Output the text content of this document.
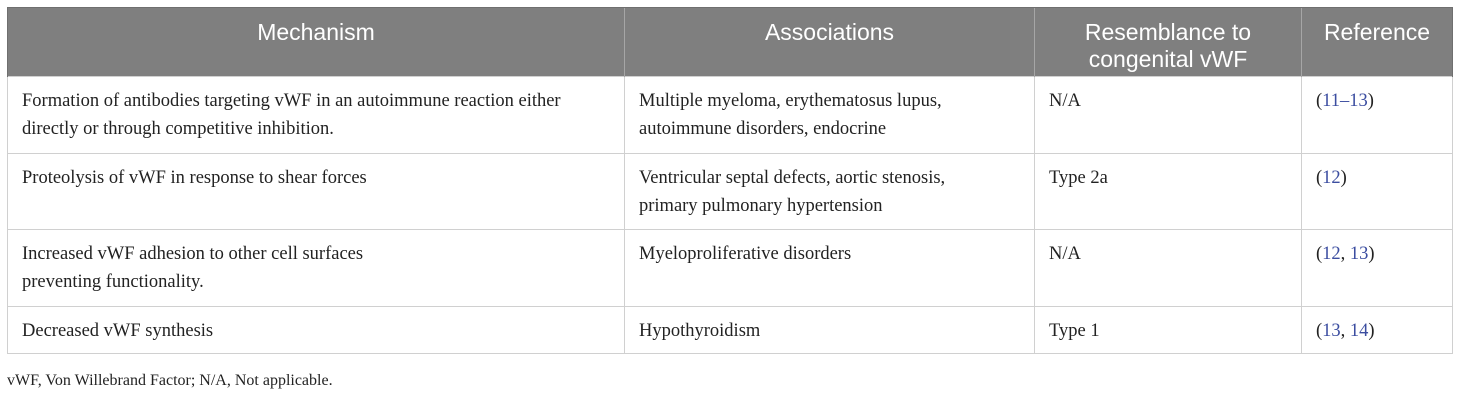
Mechanism	Associations	Resemblance to congenital vWF	Reference
Formation of antibodies targeting vWF in an autoimmune reaction either directly or through competitive inhibition.	Multiple myeloma, erythematosus lupus, autoimmune disorders, endocrine	N/A	(11–13)
Proteolysis of vWF in response to shear forces	Ventricular septal defects, aortic stenosis, primary pulmonary hypertension	Type 2a	(12)
Increased vWF adhesion to other cell surfaces preventing functionality.	Myeloproliferative disorders	N/A	(12, 13)
Decreased vWF synthesis	Hypothyroidism	Type 1	(13, 14)
vWF, Von Willebrand Factor; N/A, Not applicable.
